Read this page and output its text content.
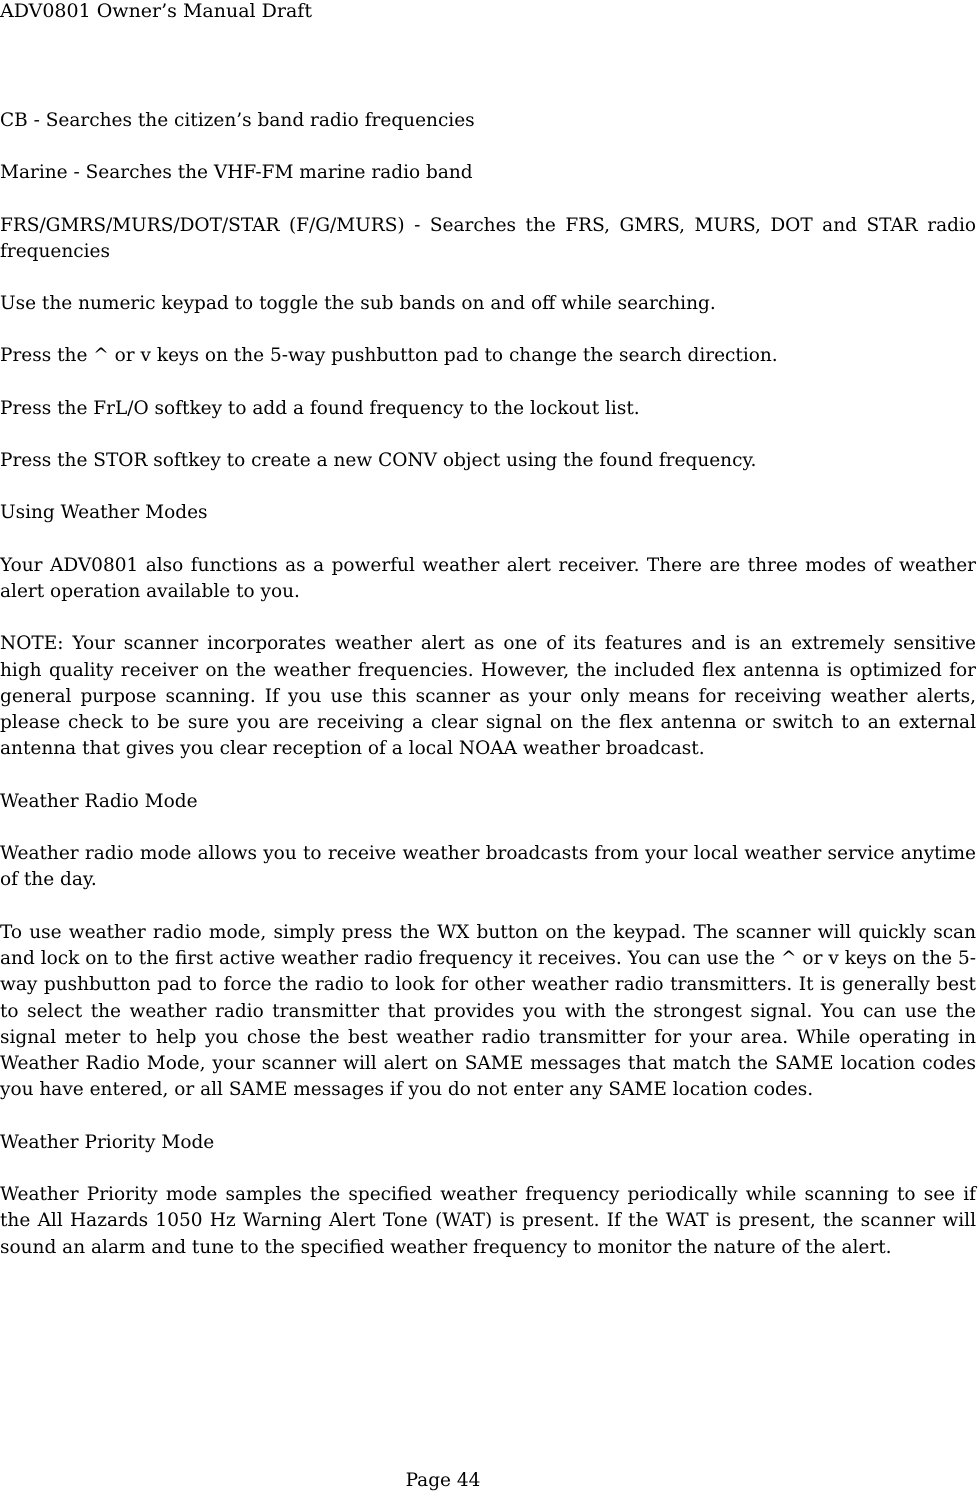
ADV0801 Owner’s Manual Draft

CB - Searches the citizen’s band radio frequencies

Marine - Searches the VHF-FM marine radio band

FRS/GMRS/MURS/DOT/STAR (F/G/MURS) - Searches the FRS, GMRS, MURS, DOT and STAR radio frequencies

Use the numeric keypad to toggle the sub bands on and off while searching.

Press the ^ or v keys on the 5-way pushbutton pad to change the search direction.

Press the FrL/O softkey to add a found frequency to the lockout list.

Press the STOR softkey to create a new CONV object using the found frequency.

Using Weather Modes

Your ADV0801 also functions as a powerful weather alert receiver. There are three modes of weather alert operation available to you.

NOTE: Your scanner incorporates weather alert as one of its features and is an extremely sensitive high quality receiver on the weather frequencies. However, the included flex antenna is optimized for general purpose scanning. If you use this scanner as your only means for receiving weather alerts, please check to be sure you are receiving a clear signal on the flex antenna or switch to an external antenna that gives you clear reception of a local NOAA weather broadcast.

Weather Radio Mode

Weather radio mode allows you to receive weather broadcasts from your local weather service anytime of the day.

To use weather radio mode, simply press the WX button on the keypad. The scanner will quickly scan and lock on to the first active weather radio frequency it receives. You can use the ^ or v keys on the 5-way pushbutton pad to force the radio to look for other weather radio transmitters. It is generally best to select the weather radio transmitter that provides you with the strongest signal. You can use the signal meter to help you chose the best weather radio transmitter for your area. While operating in Weather Radio Mode, your scanner will alert on SAME messages that match the SAME location codes you have entered, or all SAME messages if you do not enter any SAME location codes.

Weather Priority Mode

Weather Priority mode samples the specified weather frequency periodically while scanning to see if the All Hazards 1050 Hz Warning Alert Tone (WAT) is present. If the WAT is present, the scanner will sound an alarm and tune to the specified weather frequency to monitor the nature of the alert.

Page 44
